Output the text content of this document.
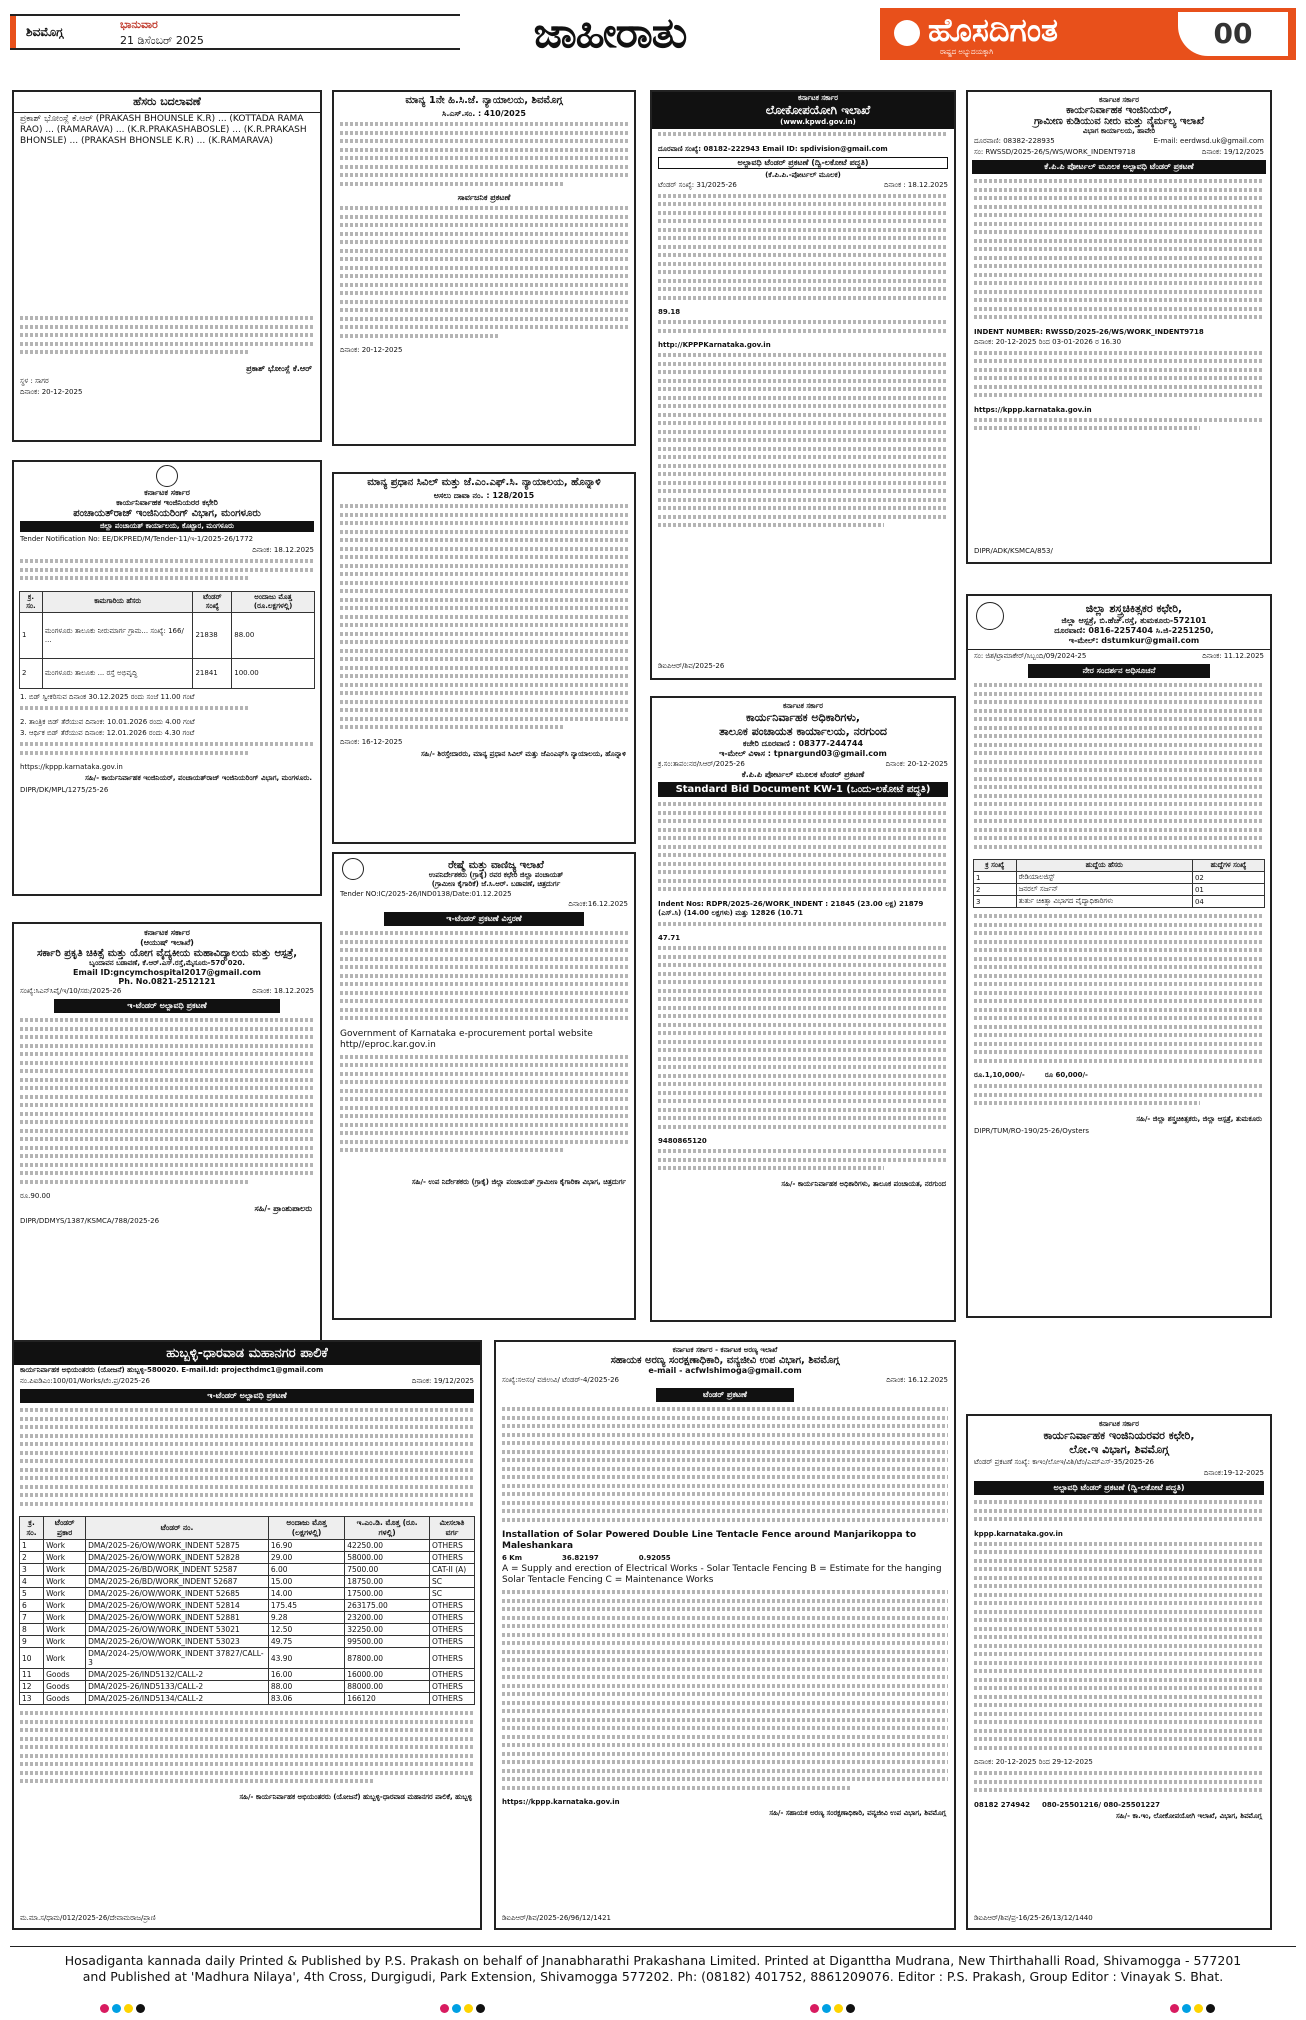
ಶಿವಮೊಗ್ಗ
ಭಾನುವಾರ
21 ಡಿಸೆಂಬರ್ 2025	ಜಾಹೀರಾತು	ಹೊಸದಿಗಂತ
ರಾಷ್ಟ್ರದ ಅಭ್ಯುದಯಕ್ಕಾಗಿ
00
ಹೆಸರು ಬದಲಾವಣೆ
ಪ್ರಕಾಶ್ ಭೋಂಸ್ಲೆ ಕೆ.ಆರ್ (PRAKASH BHOUNSLE K.R) ... (KOTTADA RAMA RAO) ... (RAMARAVA) ... (K.R.PRAKASHABOSLE) ... (K.R.PRAKASH BHONSLE) ... (PRAKASH BHONSLE K.R) ... (K.RAMARAVA)
ಪ್ರಕಾಶ್ ಭೋಂಸ್ಲೆ ಕೆ.ಆರ್
ಸ್ಥಳ : ಸಾಗರ
ದಿನಾಂಕ: 20-12-2025
ಕರ್ನಾಟಕ ಸರ್ಕಾರ
ಕಾರ್ಯನಿರ್ವಾಹಕ ಇಂಜಿನಿಯರರ ಕಛೇರಿ
ಪಂಚಾಯತ್‌ರಾಜ್ ಇಂಜಿನಿಯರಿಂಗ್ ವಿಭಾಗ, ಮಂಗಳೂರು
ಜಿಲ್ಲಾ ಪಂಚಾಯತ್ ಕಾರ್ಯಾಲಯ, ಕೊಟ್ಟಾರ, ಮಂಗಳೂರು
Tender Notification No: EE/DKPRED/M/Tender-11/ಇ-1/2025-26/1772
ದಿನಾಂಕ: 18.12.2025
ಕ್ರ. ಸಂ.	ಕಾಮಗಾರಿಯ ಹೆಸರು	ಟೆಂಡರ್ ಸಂಖ್ಯೆ	ಅಂದಾಜು ಮೊತ್ತ (ರೂ.ಲಕ್ಷಗಳಲ್ಲಿ)
1	ಮಂಗಳೂರು ತಾಲೂಕು ನೀರುಮಾರ್ಗ ಗ್ರಾಮ... ಸಂಖ್ಯೆ: 166/ ...	21838	88.00
2	ಮಂಗಳೂರು ತಾಲೂಕು ... ರಸ್ತೆ ಅಭಿವೃದ್ಧಿ	21841	100.00
1. ಬಿಡ್ ಸ್ವೀಕರಿಸುವ ದಿನಾಂಕ 30.12.2025 ರಂದು ಸಂಜೆ 11.00 ಗಂಟೆ
2. ತಾಂತ್ರಿಕ ಬಿಡ್ ತೆರೆಯುವ ದಿನಾಂಕ: 10.01.2026 ರಂದು 4.00 ಗಂಟೆ
3. ಆರ್ಥಿಕ ಬಿಡ್ ತೆರೆಯುವ ದಿನಾಂಕ: 12.01.2026 ರಂದು 4.30 ಗಂಟೆ
https://kppp.karnataka.gov.in
ಸಹಿ/- ಕಾರ್ಯನಿರ್ವಾಹಕ ಇಂಜಿನಿಯರ್, ಪಂಚಾಯತ್‌ರಾಜ್ ಇಂಜಿನಿಯರಿಂಗ್ ವಿಭಾಗ, ಮಂಗಳೂರು.
DIPR/DK/MPL/1275/25-26
ಕರ್ನಾಟಕ ಸರ್ಕಾರ
(ಆಯುಷ್ ಇಲಾಖೆ)
ಸರ್ಕಾರಿ ಪ್ರಕೃತಿ ಚಿಕಿತ್ಸೆ ಮತ್ತು ಯೋಗ ವೈದ್ಯಕೀಯ ಮಹಾವಿದ್ಯಾಲಯ ಮತ್ತು ಆಸ್ಪತ್ರೆ,
ಬೃಂದಾವನ ಬಡಾವಣೆ, ಕೆ.ಆರ್.ಎಸ್.ರಸ್ತೆ,ಮೈಸೂರು-570 020.
Email ID:gncymchospital2017@gmail.com
Ph. No.0821-2512121
ಸಂಖ್ಯೆ:ಸಿಎನ್‌ಸಿವೈ/ಇ/10/ಸರು/2025-26	ದಿನಾಂಕ: 18.12.2025
ಇ-ಟೆಂಡರ್ ಅಲ್ಪಾವಧಿ ಪ್ರಕಟಣೆ
ರೂ.90.00
ಸಹಿ/- ಪ್ರಾಂಶುಪಾಲರು
DIPR/DDMYS/1387/KSMCA/788/2025-26
ಮಾನ್ಯ 1ನೇ ಹಿ.ಸಿ.ಜೆ. ನ್ಯಾಯಾಲಯ, ಶಿವಮೊಗ್ಗ
ಸಿ.ಎಸ್.ಸಂ. : 410/2025
ಸಾರ್ವಜನಿಕ ಪ್ರಕಟಣೆ
ದಿನಾಂಕ: 20-12-2025
ಮಾನ್ಯ ಪ್ರಧಾನ ಸಿವಿಲ್ ಮತ್ತು ಜೆ.ಎಂ.ಎಫ್.ಸಿ. ನ್ಯಾಯಾಲಯ, ಹೊನ್ನಾಳಿ
ಅಸಲು ದಾವಾ ನಂ. : 128/2015
ದಿನಾಂಕ: 16-12-2025
ಸಹಿ/- ಶಿರಸ್ತೇದಾರರು, ಮಾನ್ಯ ಪ್ರಧಾನ ಸಿವಿಲ್ ಮತ್ತು ಜೆಎಂಎಫ್‌ಸಿ ನ್ಯಾಯಾಲಯ, ಹೊನ್ನಾಳಿ
ರೇಷ್ಮೆ ಮತ್ತು ವಾಣಿಜ್ಯ ಇಲಾಖೆ
ಉಪನಿರ್ದೇಶಕರು (ಗ್ರಾಕೈ) ರವರ ಕಛೇರಿ ಜಿಲ್ಲಾ ಪಂಚಾಯತ್
(ಗ್ರಾಮೀಣ ಕೈಗಾರಿಕೆ) ಜೆ.ಸಿ.ಆರ್. ಬಡಾವಣೆ, ಚಿತ್ರದುರ್ಗ
Tender NO:IC/2025-26/IND0138/Date:01.12.2025
ದಿನಾಂಕ:16.12.2025
ಇ-ಟೆಂಡರ್ ಪ್ರಕಟಣೆ ವಿಸ್ತರಣೆ
Government of Karnataka e-procurement portal website http//eproc.kar.gov.in
ಸಹಿ/- ಉಪ ನಿರ್ದೇಶಕರು (ಗ್ರಾಕೈ) ಜಿಲ್ಲಾ ಪಂಚಾಯತ್ ಗ್ರಾಮೀಣ ಕೈಗಾರಿಕಾ ವಿಭಾಗ, ಚಿತ್ರದುರ್ಗ
ಕರ್ನಾಟಕ ಸರ್ಕಾರ
ಲೋಕೋಪಯೋಗಿ ಇಲಾಖೆ
(www.kpwd.gov.in)
ದೂರವಾಣಿ ಸಂಖ್ಯೆ: 08182-222943 Email ID: spdivision@gmail.com
ಅಲ್ಪಾವಧಿ ಟೆಂಡರ್ ಪ್ರಕಟಣೆ (ದ್ವಿ-ಲಕೋಟೆ ಪದ್ಧತಿ)
(ಕೆ.ಪಿ.ಪಿ.-ಪೋರ್ಟಲ್ ಮೂಲಕ)
ಟೆಂಡರ್ ಸಂಖ್ಯೆ: 31/2025-26	ದಿನಾಂಕ : 18.12.2025
89.18
http://KPPPKarnataka.gov.in
ಡಿಐಪಿಆರ್/ಶಿವ/2025-26
ಕರ್ನಾಟಕ ಸರ್ಕಾರ
ಕಾರ್ಯನಿರ್ವಾಹಕ ಅಧಿಕಾರಿಗಳು,
ತಾಲೂಕ ಪಂಚಾಯತ ಕಾರ್ಯಾಲಯ, ನರಗುಂದ
ಕಚೇರಿ ದೂರವಾಣಿ : 08377-244744
ಇ-ಮೇಲ್ ವಿಳಾಸ : tpnargund03@gmail.com
ಕ್ರ.ಸಂ:ತಾಪಂ:ನರ/ಸಿಆರ್/2025-26	ದಿನಾಂಕ: 20-12-2025
ಕೆ.ಪಿ.ಪಿ ಪೋರ್ಟಲ್ ಮೂಲಕ ಟೆಂಡರ್ ಪ್ರಕಟಣೆ
Standard Bid Document KW-1 (ಒಂದು-ಲಕೋಟೆ ಪದ್ಧತಿ)
Indent Nos: RDPR/2025-26/WORK_INDENT : 21845 (23.00 ಲಕ್ಷ) 21879 (ಎಸ್.ಸಿ) (14.00 ಲಕ್ಷಗಳು) ಮತ್ತು 12826 (10.71
47.71
9480865120
ಸಹಿ/- ಕಾರ್ಯನಿರ್ವಾಹಕ ಅಧಿಕಾರಿಗಳು, ತಾಲೂಕ ಪಂಚಾಯತ, ನರಗುಂದ
ಕರ್ನಾಟಕ ಸರ್ಕಾರ
ಕಾರ್ಯನಿರ್ವಾಹಕ ಇಂಜಿನಿಯರ್,
ಗ್ರಾಮೀಣ ಕುಡಿಯುವ ನೀರು ಮತ್ತು ನೈರ್ಮಲ್ಯ ಇಲಾಖೆ
ವಿಭಾಗ ಕಾರ್ಯಾಲಯ, ಹಾವೇರಿ
ದೂರವಾಣಿ: 08382-228935	E-mail: eerdwsd.uk@gmail.com
ಸಂ: RWSSD/2025-26/S/WS/WORK_INDENT9718	ದಿನಾಂಕ: 19/12/2025
ಕೆ.ಪಿ.ಪಿ ಪೋರ್ಟಲ್ ಮೂಲಕ ಅಲ್ಪಾವಧಿ ಟೆಂಡರ್ ಪ್ರಕಟಣೆ
INDENT NUMBER: RWSSD/2025-26/WS/WORK_INDENT9718
ದಿನಾಂಕ: 20-12-2025 ರಿಂದ 03-01-2026 ರ 16.30
https://kppp.karnataka.gov.in
DIPR/ADK/KSMCA/853/
ಜಿಲ್ಲಾ ಶಸ್ತ್ರಚಿಕಿತ್ಸಕರ ಕಛೇರಿ,
ಜಿಲ್ಲಾ ಆಸ್ಪತ್ರೆ, ಬಿ.ಹೆಚ್.ರಸ್ತೆ, ತುಮಕೂರು-572101
ದೂರವಾಣಿ: 0816-2257404 ಸಿ.ಜಿ-2251250,
ಇ-ಮೇಲ್: dstumkur@gmail.com
ಸಂ: ಜಿಶ/ಟ್ರಾಮಾಕೇರ್/ಸಿಬ್ಬಂದಿ/09/2024-25	ದಿನಾಂಕ: 11.12.2025
ನೇರ ಸಂದರ್ಶನ ಅಧಿಸೂಚನೆ
ಕ್ರ ಸಂಖ್ಯೆ	ಹುದ್ದೆಯ ಹೆಸರು	ಹುದ್ದೆಗಳ ಸಂಖ್ಯೆ
1	ರೇಡಿಯಾಲಜಿಸ್ಟ್	02
2	ಜನರಲ್ ಸರ್ಜನ್	01
3	ತುರ್ತು ಚಿಕಿತ್ಸಾ ವಿಭಾಗದ ವೈದ್ಯಾಧಿಕಾರಿಗಳು	04
ರೂ.1,10,000/-	ರೂ 60,000/-
ಸಹಿ/- ಜಿಲ್ಲಾ ಶಸ್ತ್ರಚಿಕಿತ್ಸಕರು, ಜಿಲ್ಲಾ ಆಸ್ಪತ್ರೆ, ತುಮಕೂರು
DIPR/TUM/RO-190/25-26/Oysters
ಹುಬ್ಬಳ್ಳಿ-ಧಾರವಾಡ ಮಹಾನಗರ ಪಾಲಿಕೆ
ಕಾರ್ಯನಿರ್ವಾಹಕ ಅಭಿಯಂತರರು (ಯೋಜನೆ) ಹುಬ್ಬಳ್ಳಿ-580020. E-mail.Id: projecthdmc1@gmail.com
ನಂ.ಪಿಐಡಿಎಂ:100/01/Works/ಟೆಂ.ಪ್ರ/2025-26	ದಿನಾಂಕ: 19/12/2025
ಇ-ಟೆಂಡರ್ ಅಲ್ಪಾವಧಿ ಪ್ರಕಟಣೆ
ಕ್ರ. ಸಂ.	ಟೆಂಡರ್ ಪ್ರಕಾರ	ಟೆಂಡರ್ ನಂ.	ಅಂದಾಜು ಮೊತ್ತ (ಲಕ್ಷಗಳಲ್ಲಿ)	ಇ.ಎಂ.ಡಿ. ಮೊತ್ತ (ರೂ. ಗಳಲ್ಲಿ)	ಮೀಸಲಾತಿ ವರ್ಗ
1	Work	DMA/2025-26/OW/WORK_INDENT 52875	16.90	42250.00	OTHERS
2	Work	DMA/2025-26/OW/WORK_INDENT 52828	29.00	58000.00	OTHERS
3	Work	DMA/2025-26/BD/WORK_INDENT 52587	6.00	7500.00	CAT-II (A)
4	Work	DMA/2025-26/BD/WORK_INDENT 52687	15.00	18750.00	SC
5	Work	DMA/2025-26/OW/WORK_INDENT 52685	14.00	17500.00	SC
6	Work	DMA/2025-26/OW/WORK_INDENT 52814	175.45	263175.00	OTHERS
7	Work	DMA/2025-26/OW/WORK_INDENT 52881	9.28	23200.00	OTHERS
8	Work	DMA/2025-26/OW/WORK_INDENT 53021	12.50	32250.00	OTHERS
9	Work	DMA/2025-26/OW/WORK_INDENT 53023	49.75	99500.00	OTHERS
10	Work	DMA/2024-25/OW/WORK_INDENT 37827/CALL-3	43.90	87800.00	OTHERS
11	Goods	DMA/2025-26/IND5132/CALL-2	16.00	16000.00	OTHERS
12	Goods	DMA/2025-26/IND5133/CALL-2	88.00	88000.00	OTHERS
13	Goods	DMA/2025-26/IND5134/CALL-2	83.06	166120	OTHERS
ಸಹಿ/- ಕಾರ್ಯನಿರ್ವಾಹಕ ಅಭಿಯಂತರರು (ಯೋಜನೆ) ಹುಬ್ಬಳ್ಳಿ-ಧಾರವಾಡ ಮಹಾನಗರ ಪಾಲಿಕೆ, ಹುಬ್ಬಳ್ಳಿ
ಮ.ಮಾ.ಸ/ಧಾಮ/012/2025-26/ದೇವಾಮರಾಜ/ಪ್ರಾಣಿ
ಕರ್ನಾಟಕ ಸರ್ಕಾರ - ಕರ್ನಾಟಕ ಅರಣ್ಯ ಇಲಾಖೆ
ಸಹಾಯಕ ಅರಣ್ಯ ಸಂರಕ್ಷಣಾಧಿಕಾರಿ, ವನ್ಯಜೀವಿ ಉಪ ವಿಭಾಗ, ಶಿವಮೊಗ್ಗ
e-mail - acfwlshimoga@gmail.com
ಸಂಖ್ಯೆ:ಸಅಸಂ/ ವಜಿಉವಿ/ ಟೆಂಡರ್-4/2025-26	ದಿನಾಂಕ: 16.12.2025
ಟೆಂಡರ್ ಪ್ರಕಟಣೆ
Installation of Solar Powered Double Line Tentacle Fence around Manjarikoppa to Maleshankara
6 Km	36.82197	0.92055
A = Supply and erection of Electrical Works - Solar Tentacle Fencing B = Estimate for the hanging Solar Tentacle Fencing C = Maintenance Works
https://kppp.karnataka.gov.in
ಸಹಿ/- ಸಹಾಯಕ ಅರಣ್ಯ ಸಂರಕ್ಷಣಾಧಿಕಾರಿ, ವನ್ಯಜೀವಿ ಉಪ ವಿಭಾಗ, ಶಿವಮೊಗ್ಗ
ಡಿಐಪಿಆರ್/ಶಿವ/2025-26/96/12/1421
ಕರ್ನಾಟಕ ಸರ್ಕಾರ
ಕಾರ್ಯನಿರ್ವಾಹಕ ಇಂಜಿನಿಯರವರ ಕಛೇರಿ,
ಲೋ.ಇ ವಿಭಾಗ, ಶಿವಮೊಗ್ಗ
ಟೆಂಡರ್ ಪ್ರಕಟಣೆ ಸಂಖ್ಯೆ: ಕಾಇಂ/ಲೋಇ/ವಿಶಿ/ಟೆಂ/ಎಮ್ಎಸ್-35/2025-26
ದಿನಾಂಕ:19-12-2025
ಅಲ್ಪಾವಧಿ ಟೆಂಡರ್ ಪ್ರಕಟಣೆ (ದ್ವಿ-ಲಕೋಟೆ ಪದ್ಧತಿ)
kppp.karnataka.gov.in
ದಿನಾಂಕ: 20-12-2025 ರಿಂದ 29-12-2025
08182 274942 080-25501216/ 080-25501227
ಸಹಿ/- ಕಾ.ಇಂ, ಲೋಕೋಪಯೋಗಿ ಇಲಾಖೆ, ವಿಭಾಗ, ಶಿವಮೊಗ್ಗ
ಡಿಐಪಿಆರ್/ಶಿವ/ಪ್ರ-16/25-26/13/12/1440
Hosadiganta kannada daily Printed & Published by P.S. Prakash on behalf of Jnanabharathi Prakashana Limited. Printed at Diganttha Mudrana, New Thirthahalli Road, Shivamogga - 577201
and Published at 'Madhura Nilaya', 4th Cross, Durgigudi, Park Extension, Shivamogga 577202. Ph: (08182) 401752, 8861209076. Editor : P.S. Prakash, Group Editor : Vinayak S. Bhat.
